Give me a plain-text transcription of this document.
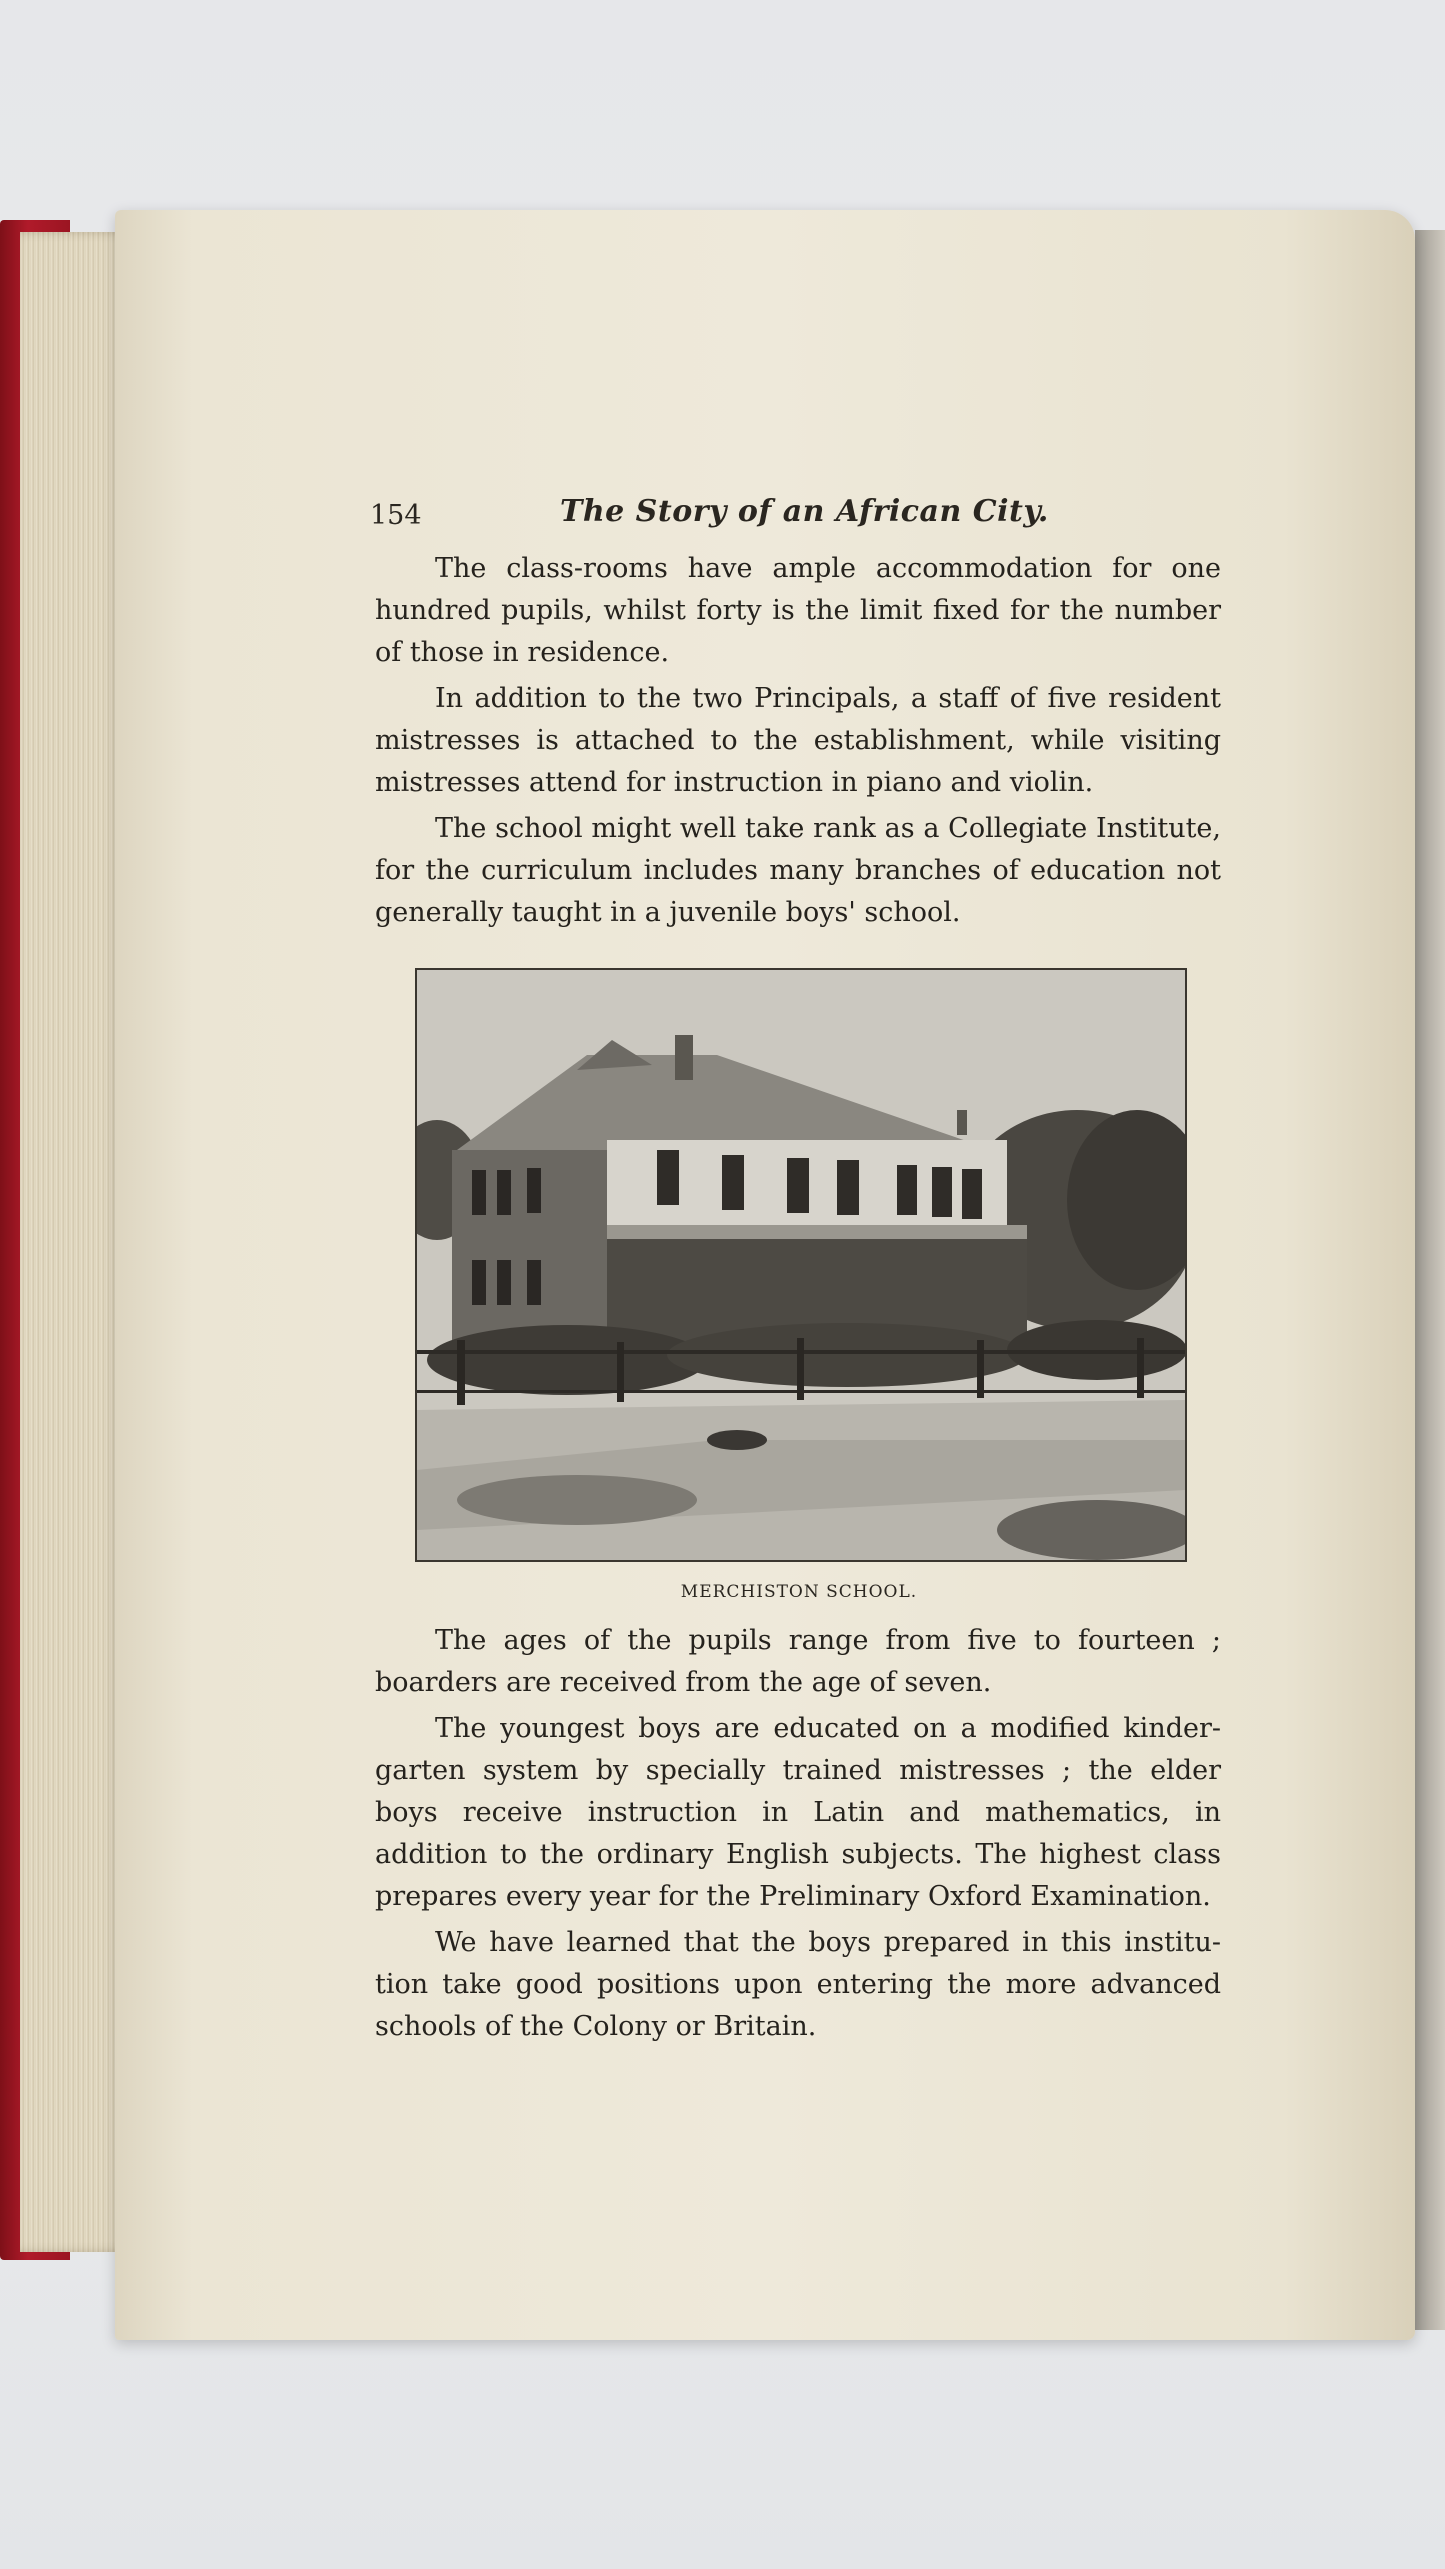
154	The Story of an African City.

The class-rooms have ample accommodation for one hundred pupils, whilst forty is the limit fixed for the number of those in residence.

In addition to the two Principals, a staff of five resident mistresses is attached to the establishment, while visiting mistresses attend for instruction in piano and violin.

The school might well take rank as a Collegiate Institute, for the curriculum includes many branches of education not generally taught in a juvenile boys' school.

MERCHISTON SCHOOL.

The ages of the pupils range from five to fourteen ; boarders are received from the age of seven.

The youngest boys are educated on a modified kinder-garten system by specially trained mistresses ; the elder boys receive instruction in Latin and mathematics, in addition to the ordinary English subjects. The highest class prepares every year for the Preliminary Oxford Examination.

We have learned that the boys prepared in this institu-tion take good positions upon entering the more advanced schools of the Colony or Britain.
